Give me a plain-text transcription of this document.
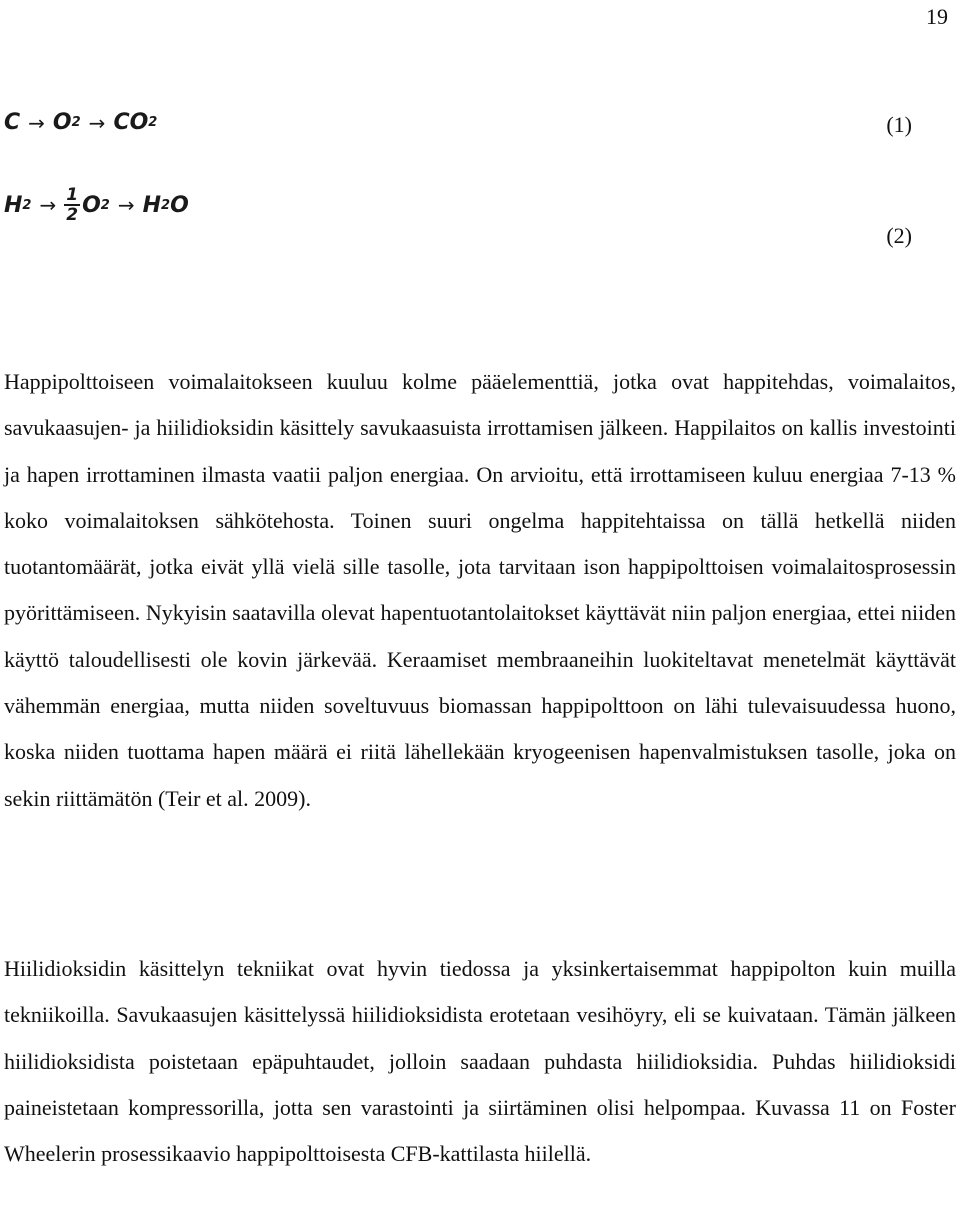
19
C → O 2 → CO 2	(1)
H $2 \to \frac{1}{2}$ O 2 → H 2 O
(2)

Happipolttoiseen voimalaitokseen kuuluu kolme pääelementtiä, jotka ovat happitehdas, voimalaitos, savukaasujen- ja hiilidioksidin käsittely savukaasuista irrottamisen jälkeen. Happilaitos on kallis investointi ja hapen irrottaminen ilmasta vaatii paljon energiaa. On arvioitu, että irrottamiseen kuluu energiaa 7-13 % koko voimalaitoksen sähkötehosta. Toinen suuri ongelma happitehtaissa on tällä hetkellä niiden tuotantomäärät, jotka eivät yllä vielä sille tasolle, jota tarvitaan ison happipolttoisen voimalaitosprosessin pyörittämiseen. Nykyisin saatavilla olevat hapentuotantolaitokset käyttävät niin paljon energiaa, ettei niiden käyttö taloudellisesti ole kovin järkevää. Keraamiset membraaneihin luokiteltavat menetelmät käyttävät vähemmän energiaa, mutta niiden soveltuvuus biomassan happipolttoon on lähi tulevaisuudessa huono, koska niiden tuottama hapen määrä ei riitä lähellekään kryogeenisen hapenvalmistuksen tasolle, joka on sekin riittämätön (Teir et al. 2009).

Hiilidioksidin käsittelyn tekniikat ovat hyvin tiedossa ja yksinkertaisemmat happipolton kuin muilla tekniikoilla. Savukaasujen käsittelyssä hiilidioksidista erotetaan vesihöyry, eli se kuivataan. Tämän jälkeen hiilidioksidista poistetaan epäpuhtaudet, jolloin saadaan puhdasta hiilidioksidia. Puhdas hiilidioksidi paineistetaan kompressorilla, jotta sen varastointi ja siirtäminen olisi helpompaa. Kuvassa 11 on Foster Wheelerin prosessikaavio happipolttoisesta CFB-kattilasta hiilellä.
